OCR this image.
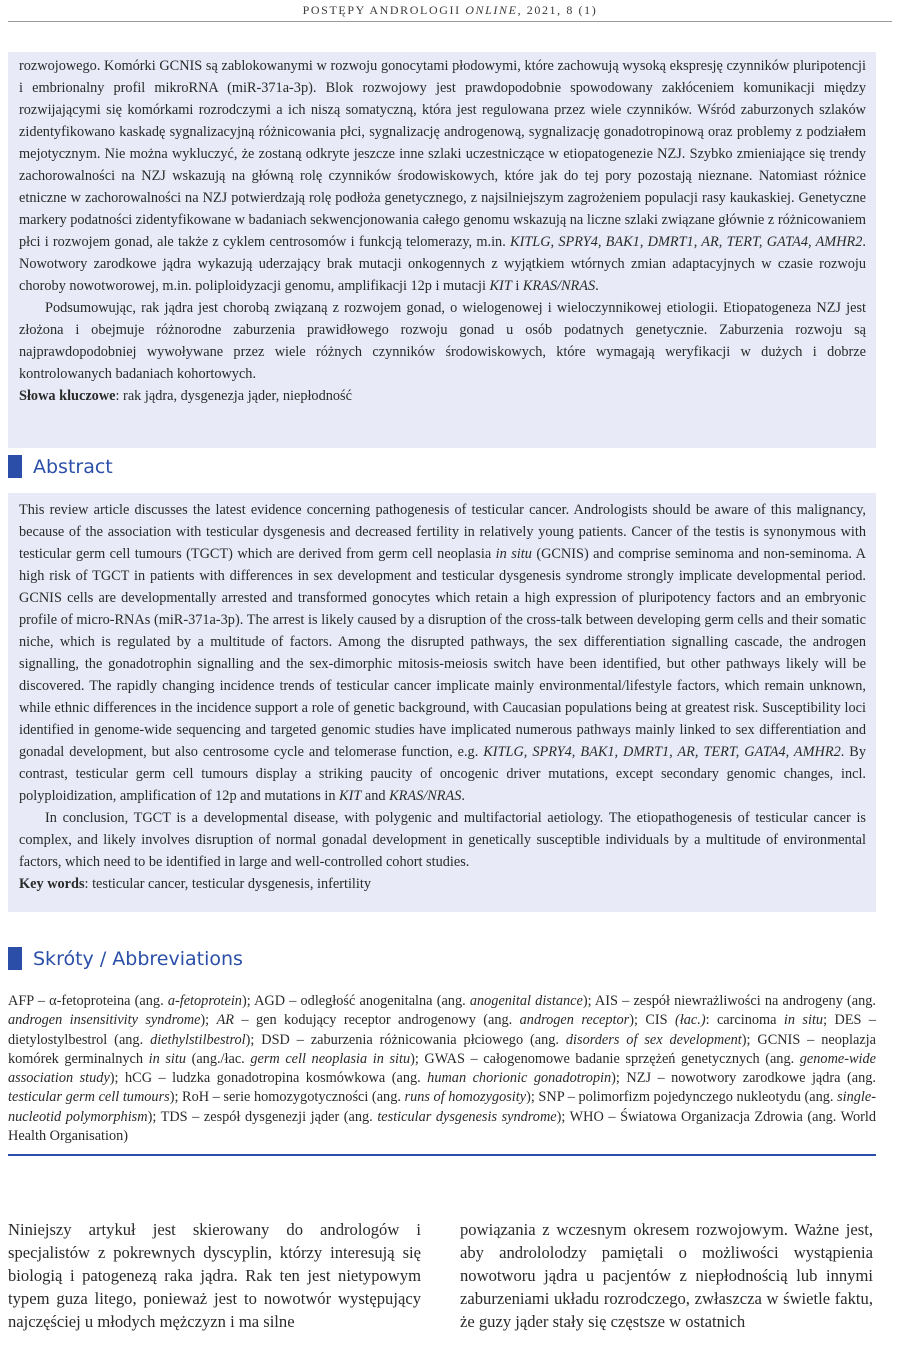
POSTĘPY ANDROLOGII ONLINE, 2021, 8 (1)

rozwojowego. Komórki GCNIS są zablokowanymi w rozwoju gonocytami płodowymi, które zachowują wysoką ekspresję czynników pluripotencji i embrionalny profil mikroRNA (miR-371a-3p). Blok rozwojowy jest prawdopodobnie spowodowany zakłóceniem komunikacji między rozwijającymi się komórkami rozrodczymi a ich niszą somatyczną, która jest regulowana przez wiele czynników. Wśród zaburzonych szlaków zidentyfikowano kaskadę sygnalizacyjną różnicowania płci, sygnalizację androgenową, sygnalizację gonadotropinową oraz problemy z podziałem mejotycznym. Nie można wykluczyć, że zostaną odkryte jeszcze inne szlaki uczestniczące w etiopatogenezie NZJ. Szybko zmieniające się trendy zachorowalności na NZJ wskazują na główną rolę czynników środowiskowych, które jak do tej pory pozostają nieznane. Natomiast różnice etniczne w zachorowalności na NZJ potwierdzają rolę podłoża genetycznego, z najsilniejszym zagrożeniem populacji rasy kaukaskiej. Genetyczne markery podatności zidentyfikowane w badaniach sekwencjonowania całego genomu wskazują na liczne szlaki związane głównie z różnicowaniem płci i rozwojem gonad, ale także z cyklem centrosomów i funkcją telomerazy, m.in. KITLG, SPRY4, BAK1, DMRT1, AR, TERT, GATA4, AMHR2. Nowotwory zarodkowe jądra wykazują uderzający brak mutacji onkogennych z wyjątkiem wtórnych zmian adaptacyjnych w czasie rozwoju choroby nowotworowej, m.in. poliploidyzacji genomu, amplifikacji 12p i mutacji KIT i KRAS/NRAS.

Podsumowując, rak jądra jest chorobą związaną z rozwojem gonad, o wielogenowej i wieloczynnikowej etiologii. Etiopatogeneza NZJ jest złożona i obejmuje różnorodne zaburzenia prawidłowego rozwoju gonad u osób podatnych genetycznie. Zaburzenia rozwoju są najprawdopodobniej wywoływane przez wiele różnych czynników środowiskowych, które wymagają weryfikacji w dużych i dobrze kontrolowanych badaniach kohortowych.

Słowa kluczowe: rak jądra, dysgenezja jąder, niepłodność

Abstract

This review article discusses the latest evidence concerning pathogenesis of testicular cancer. Andrologists should be aware of this malignancy, because of the association with testicular dysgenesis and decreased fertility in relatively young patients. Cancer of the testis is synonymous with testicular germ cell tumours (TGCT) which are derived from germ cell neoplasia in situ (GCNIS) and comprise seminoma and non-seminoma. A high risk of TGCT in patients with differences in sex development and testicular dysgenesis syndrome strongly implicate developmental period. GCNIS cells are developmentally arrested and transformed gonocytes which retain a high expression of pluripotency factors and an embryonic profile of micro-RNAs (miR-371a-3p). The arrest is likely caused by a disruption of the cross-talk between developing germ cells and their somatic niche, which is regulated by a multitude of factors. Among the disrupted pathways, the sex differentiation signalling cascade, the androgen signalling, the gonadotrophin signalling and the sex-dimorphic mitosis-meiosis switch have been identified, but other pathways likely will be discovered. The rapidly changing incidence trends of testicular cancer implicate mainly environmental/lifestyle factors, which remain unknown, while ethnic differences in the incidence support a role of genetic background, with Caucasian populations being at greatest risk. Susceptibility loci identified in genome-wide sequencing and targeted genomic studies have implicated numerous pathways mainly linked to sex differentiation and gonadal development, but also centrosome cycle and telomerase function, e.g. KITLG, SPRY4, BAK1, DMRT1, AR, TERT, GATA4, AMHR2. By contrast, testicular germ cell tumours display a striking paucity of oncogenic driver mutations, except secondary genomic changes, incl. polyploidization, amplification of 12p and mutations in KIT and KRAS/NRAS.

In conclusion, TGCT is a developmental disease, with polygenic and multifactorial aetiology. The etiopathogenesis of testicular cancer is complex, and likely involves disruption of normal gonadal development in genetically susceptible individuals by a multitude of environmental factors, which need to be identified in large and well-controlled cohort studies.

Key words: testicular cancer, testicular dysgenesis, infertility

Skróty / Abbreviations
AFP – α-fetoproteina (ang. a-fetoprotein); AGD – odległość anogenitalna (ang. anogenital distance); AIS – zespół niewrażliwości na androgeny (ang. androgen insensitivity syndrome); AR – gen kodujący receptor androgenowy (ang. androgen receptor); CIS (łac.): carcinoma in situ; DES – dietylostylbestrol (ang. diethylstilbestrol); DSD – zaburzenia różnicowania płciowego (ang. disorders of sex development); GCNIS – neoplazja komórek germinalnych in situ (ang./łac. germ cell neoplasia in situ); GWAS – całogenomowe badanie sprzężeń genetycznych (ang. genome-wide association study); hCG – ludzka gonadotropina kosmówkowa (ang. human chorionic gonadotropin); NZJ – nowotwory zarodkowe jądra (ang. testicular germ cell tumours); RoH – serie homozygotyczności (ang. runs of homozygosity); SNP – polimorfizm pojedynczego nukleotydu (ang. single-nucleotid polymorphism); TDS – zespół dysgenezji jąder (ang. testicular dysgenesis syndrome); WHO – Światowa Organizacja Zdrowia (ang. World Health Organisation)
Niniejszy artykuł jest skierowany do andrologów i specjalistów z pokrewnych dyscyplin, którzy interesują się biologią i patogenezą raka jądra. Rak ten jest nietypowym typem guza litego, ponieważ jest to nowotwór występujący najczęściej u młodych mężczyzn i ma silne
powiązania z wczesnym okresem rozwojowym. Ważne jest, aby andrololodzy pamiętali o możliwości wystąpienia nowotworu jądra u pacjentów z niepłodnością lub innymi zaburzeniami układu rozrodczego, zwłaszcza w świetle faktu, że guzy jąder stały się częstsze w ostatnich
